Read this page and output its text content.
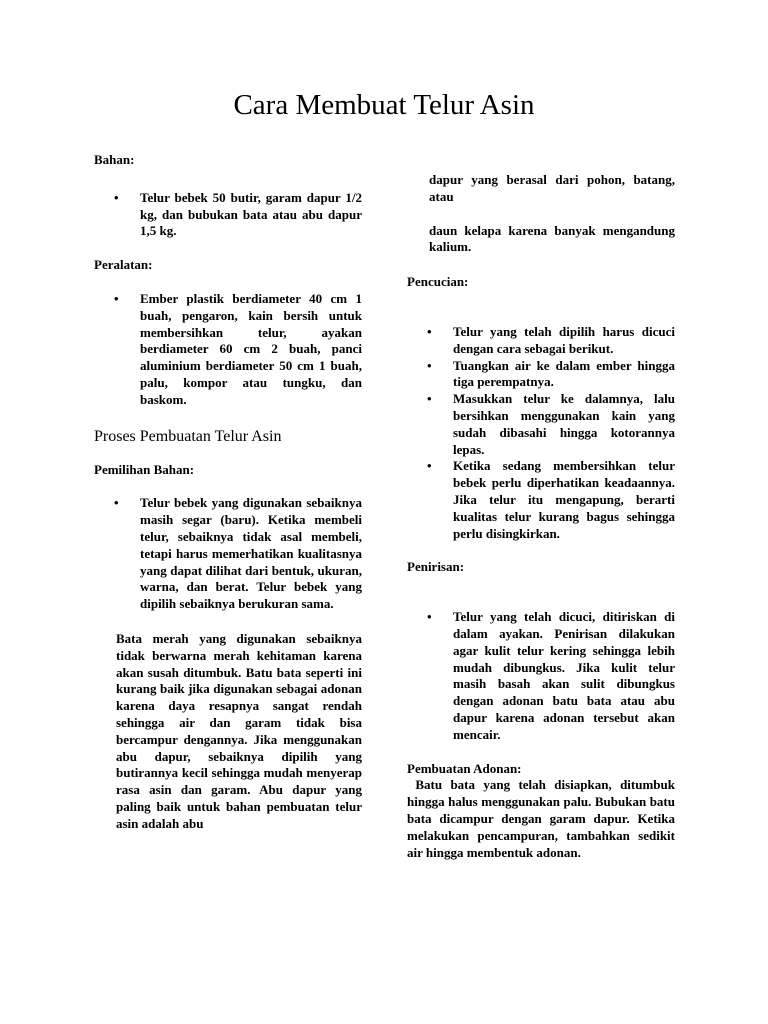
Cara Membuat Telur Asin

Bahan:

• Telur bebek 50 butir, garam dapur 1/2 kg, dan bubukan bata atau abu dapur 1,5 kg.

Peralatan:

• Ember plastik berdiameter 40 cm 1 buah, pengaron, kain bersih untuk membersihkan telur, ayakan berdiameter 60 cm 2 buah, panci aluminium berdiameter 50 cm 1 buah, palu, kompor atau tungku, dan baskom.
Proses Pembuatan Telur Asin

Pemilihan Bahan:

• Telur bebek yang digunakan sebaiknya masih segar (baru). Ketika membeli telur, sebaiknya tidak asal membeli, tetapi harus memerhatikan kualitasnya yang dapat dilihat dari bentuk, ukuran, warna, dan berat. Telur bebek yang dipilih sebaiknya berukuran sama.

Bata merah yang digunakan sebaiknya tidak berwarna merah kehitaman karena akan susah ditumbuk. Batu bata seperti ini kurang baik jika digunakan sebagai adonan karena daya resapnya sangat rendah sehingga air dan garam tidak bisa bercampur dengannya. Jika menggunakan abu dapur, sebaiknya dipilih yang butirannya kecil sehingga mudah menyerap rasa asin dan garam. Abu dapur yang paling baik untuk bahan pembuatan telur asin adalah abu

dapur yang berasal dari pohon, batang, atau

daun kelapa karena banyak mengandung kalium.

Pencucian:

• Telur yang telah dipilih harus dicuci dengan cara sebagai berikut.
• Tuangkan air ke dalam ember hingga tiga perempatnya.
• Masukkan telur ke dalamnya, lalu bersihkan menggunakan kain yang sudah dibasahi hingga kotorannya lepas.
• Ketika sedang membersihkan telur bebek perlu diperhatikan keadaannya. Jika telur itu mengapung, berarti kualitas telur kurang bagus sehingga perlu disingkirkan.

Penirisan:

• Telur yang telah dicuci, ditiriskan di dalam ayakan. Penirisan dilakukan agar kulit telur kering sehingga lebih mudah dibungkus. Jika kulit telur masih basah akan sulit dibungkus dengan adonan batu bata atau abu dapur karena adonan tersebut akan mencair.

Pembuatan Adonan:

Batu bata yang telah disiapkan, ditumbuk hingga halus menggunakan palu. Bubukan batu bata dicampur dengan garam dapur. Ketika melakukan pencampuran, tambahkan sedikit air hingga membentuk adonan.
